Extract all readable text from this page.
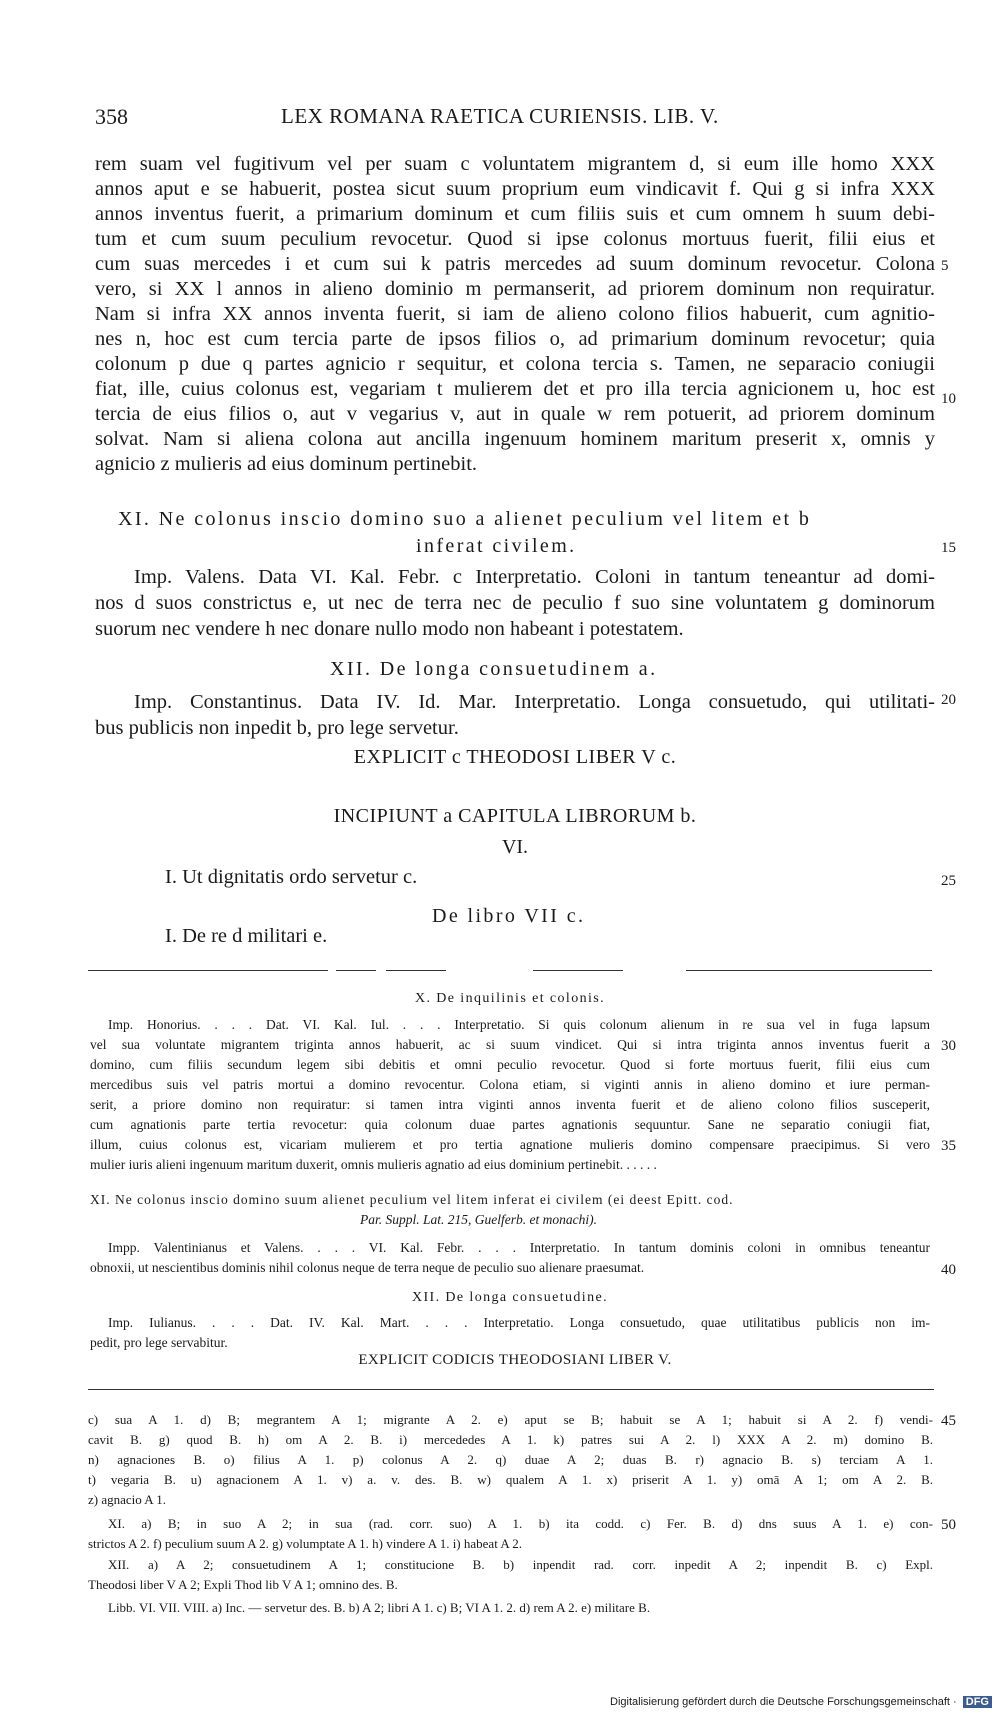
358	LEX ROMANA RAETICA CURIENSIS. LIB. V.
rem suam vel fugitivum vel per suam c voluntatem migrantem d, si eum ille homo XXX
annos aput e se habuerit, postea sicut suum proprium eum vindicavit f. Qui g si infra XXX
annos inventus fuerit, a primarium dominum et cum filiis suis et cum omnem h suum debi-
tum et cum suum peculium revocetur. Quod si ipse colonus mortuus fuerit, filii eius et
cum suas mercedes i et cum sui k patris mercedes ad suum dominum revocetur. Colona
vero, si XX l annos in alieno dominio m permanserit, ad priorem dominum non requiratur.
Nam si infra XX annos inventa fuerit, si iam de alieno colono filios habuerit, cum agnitio-
nes n, hoc est cum tercia parte de ipsos filios o, ad primarium dominum revocetur; quia
colonum p due q partes agnicio r sequitur, et colona tercia s. Tamen, ne separacio coniugii
fiat, ille, cuius colonus est, vegariam t mulierem det et pro illa tercia agnicionem u, hoc est
tercia de eius filios o, aut v vegarius v, aut in quale w rem potuerit, ad priorem dominum
solvat. Nam si aliena colona aut ancilla ingenuum hominem maritum preserit x, omnis y
agnicio z mulieris ad eius dominum pertinebit.
5
10
15
20
25
XI. Ne colonus inscio domino suo a alienet peculium vel litem et b
inferat civilem.
Imp. Valens. Data VI. Kal. Febr. c Interpretatio. Coloni in tantum teneantur ad domi-
nos d suos constrictus e, ut nec de terra nec de peculio f suo sine voluntatem g dominorum
suorum nec vendere h nec donare nullo modo non habeant i potestatem.
XII. De longa consuetudinem a.
Imp. Constantinus. Data IV. Id. Mar. Interpretatio. Longa consuetudo, qui utilitati-
bus publicis non inpedit b, pro lege servetur.
EXPLICIT c THEODOSI LIBER V c.
INCIPIUNT a CAPITULA LIBRORUM b.
VI.
I. Ut dignitatis ordo servetur c.
De libro VII c.
I. De re d militari e.
X. De inquilinis et colonis.
Imp. Honorius. . . . Dat. VI. Kal. Iul. . . . Interpretatio. Si quis colonum alienum in re sua vel in fuga lapsum
vel sua voluntate migrantem triginta annos habuerit, ac si suum vindicet. Qui si intra triginta annos inventus fuerit a
domino, cum filiis secundum legem sibi debitis et omni peculio revocetur. Quod si forte mortuus fuerit, filii eius cum
mercedibus suis vel patris mortui a domino revocentur. Colona etiam, si viginti annis in alieno domino et iure perman-
serit, a priore domino non requiratur: si tamen intra viginti annos inventa fuerit et de alieno colono filios susceperit,
cum agnationis parte tertia revocetur: quia colonum duae partes agnationis sequuntur. Sane ne separatio coniugii fiat,
illum, cuius colonus est, vicariam mulierem et pro tertia agnatione mulieris domino compensare praecipimus. Si vero
mulier iuris alieni ingenuum maritum duxerit, omnis mulieris agnatio ad eius dominium pertinebit. . . . . .
30
35
XI. Ne colonus inscio domino suum alienet peculium vel litem inferat ei civilem (ei deest Epitt. cod.
Par. Suppl. Lat. 215, Guelferb. et monachi).
Impp. Valentinianus et Valens. . . . VI. Kal. Febr. . . . Interpretatio. In tantum dominis coloni in omnibus teneantur
obnoxii, ut nescientibus dominis nihil colonus neque de terra neque de peculio suo alienare praesumat.	40
XII. De longa consuetudine.
Imp. Iulianus. . . . Dat. IV. Kal. Mart. . . . Interpretatio. Longa consuetudo, quae utilitatibus publicis non im-
pedit, pro lege servabitur.
EXPLICIT CODICIS THEODOSIANI LIBER V.
c) sua A 1. d) B; megrantem A 1; migrante A 2. e) aput se B; habuit se A 1; habuit si A 2. f) vendi-
cavit B. g) quod B. h) om A 2. B. i) mercededes A 1. k) patres sui A 2. l) XXX A 2. m) domino B.
n) agnaciones B. o) filius A 1. p) colonus A 2. q) duae A 2; duas B. r) agnacio B. s) terciam A 1.
t) vegaria B. u) agnacionem A 1. v) a. v. des. B. w) qualem A 1. x) priserit A 1. y) omā A 1; om A 2. B.
z) agnacio A 1.
XI. a) B; in suo A 2; in sua (rad. corr. suo) A 1. b) ita codd. c) Fer. B. d) dns suus A 1. e) con-
strictos A 2. f) peculium suum A 2. g) volumptate A 1. h) vindere A 1. i) habeat A 2.
XII. a) A 2; consuetudinem A 1; constitucione B. b) inpendit rad. corr. inpedit A 2; inpendit B. c) Expl.
Theodosi liber V A 2; Expli Thod lib V A 1; omnino des. B.
Libb. VI. VII. VIII. a) Inc. — servetur des. B. b) A 2; libri A 1. c) B; VI A 1. 2. d) rem A 2. e) militare B.
45
50
Digitalisierung gefördert durch die Deutsche Forschungsgemeinschaft · DFG
